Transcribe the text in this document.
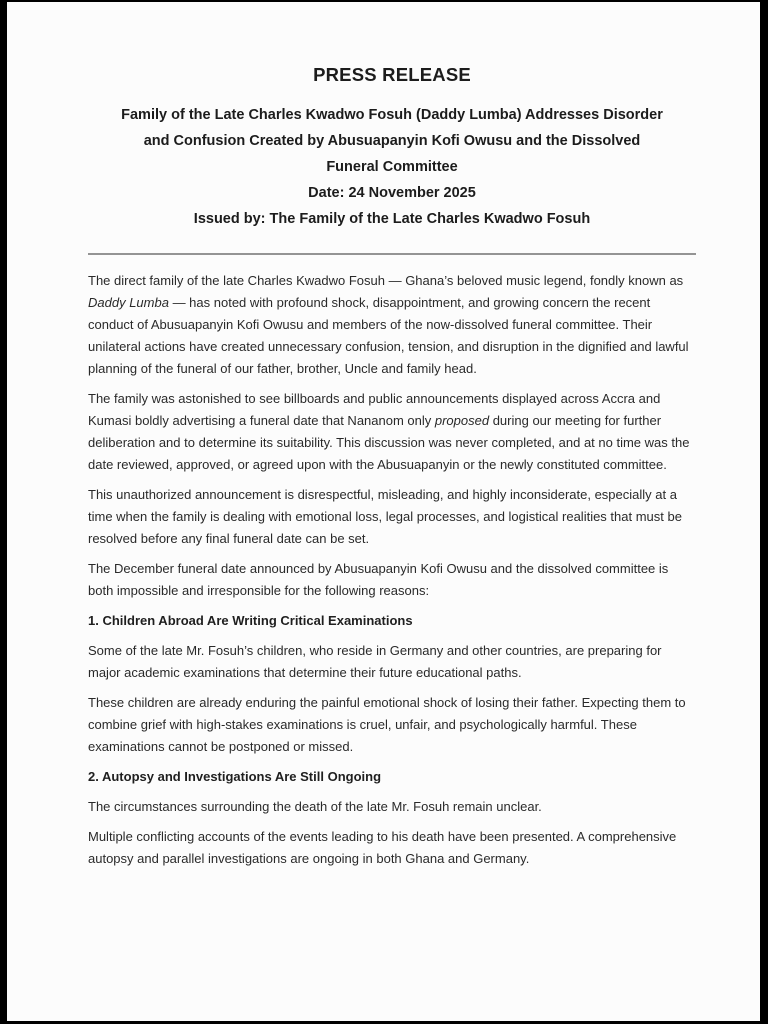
PRESS RELEASE
Family of the Late Charles Kwadwo Fosuh (Daddy Lumba) Addresses Disorder
and Confusion Created by Abusuapanyin Kofi Owusu and the Dissolved
Funeral Committee
Date: 24 November 2025
Issued by: The Family of the Late Charles Kwadwo Fosuh

The direct family of the late Charles Kwadwo Fosuh — Ghana’s beloved music legend, fondly known as Daddy Lumba — has noted with profound shock, disappointment, and growing concern the recent conduct of Abusuapanyin Kofi Owusu and members of the now-dissolved funeral committee. Their unilateral actions have created unnecessary confusion, tension, and disruption in the dignified and lawful planning of the funeral of our father, brother, Uncle and family head.

The family was astonished to see billboards and public announcements displayed across Accra and Kumasi boldly advertising a funeral date that Nananom only proposed during our meeting for further deliberation and to determine its suitability. This discussion was never completed, and at no time was the date reviewed, approved, or agreed upon with the Abusuapanyin or the newly constituted committee.

This unauthorized announcement is disrespectful, misleading, and highly inconsiderate, especially at a time when the family is dealing with emotional loss, legal processes, and logistical realities that must be resolved before any final funeral date can be set.

The December funeral date announced by Abusuapanyin Kofi Owusu and the dissolved committee is both impossible and irresponsible for the following reasons:

1. Children Abroad Are Writing Critical Examinations

Some of the late Mr. Fosuh’s children, who reside in Germany and other countries, are preparing for major academic examinations that determine their future educational paths.

These children are already enduring the painful emotional shock of losing their father. Expecting them to combine grief with high-stakes examinations is cruel, unfair, and psychologically harmful. These examinations cannot be postponed or missed.

2. Autopsy and Investigations Are Still Ongoing

The circumstances surrounding the death of the late Mr. Fosuh remain unclear.

Multiple conflicting accounts of the events leading to his death have been presented. A comprehensive autopsy and parallel investigations are ongoing in both Ghana and Germany.
